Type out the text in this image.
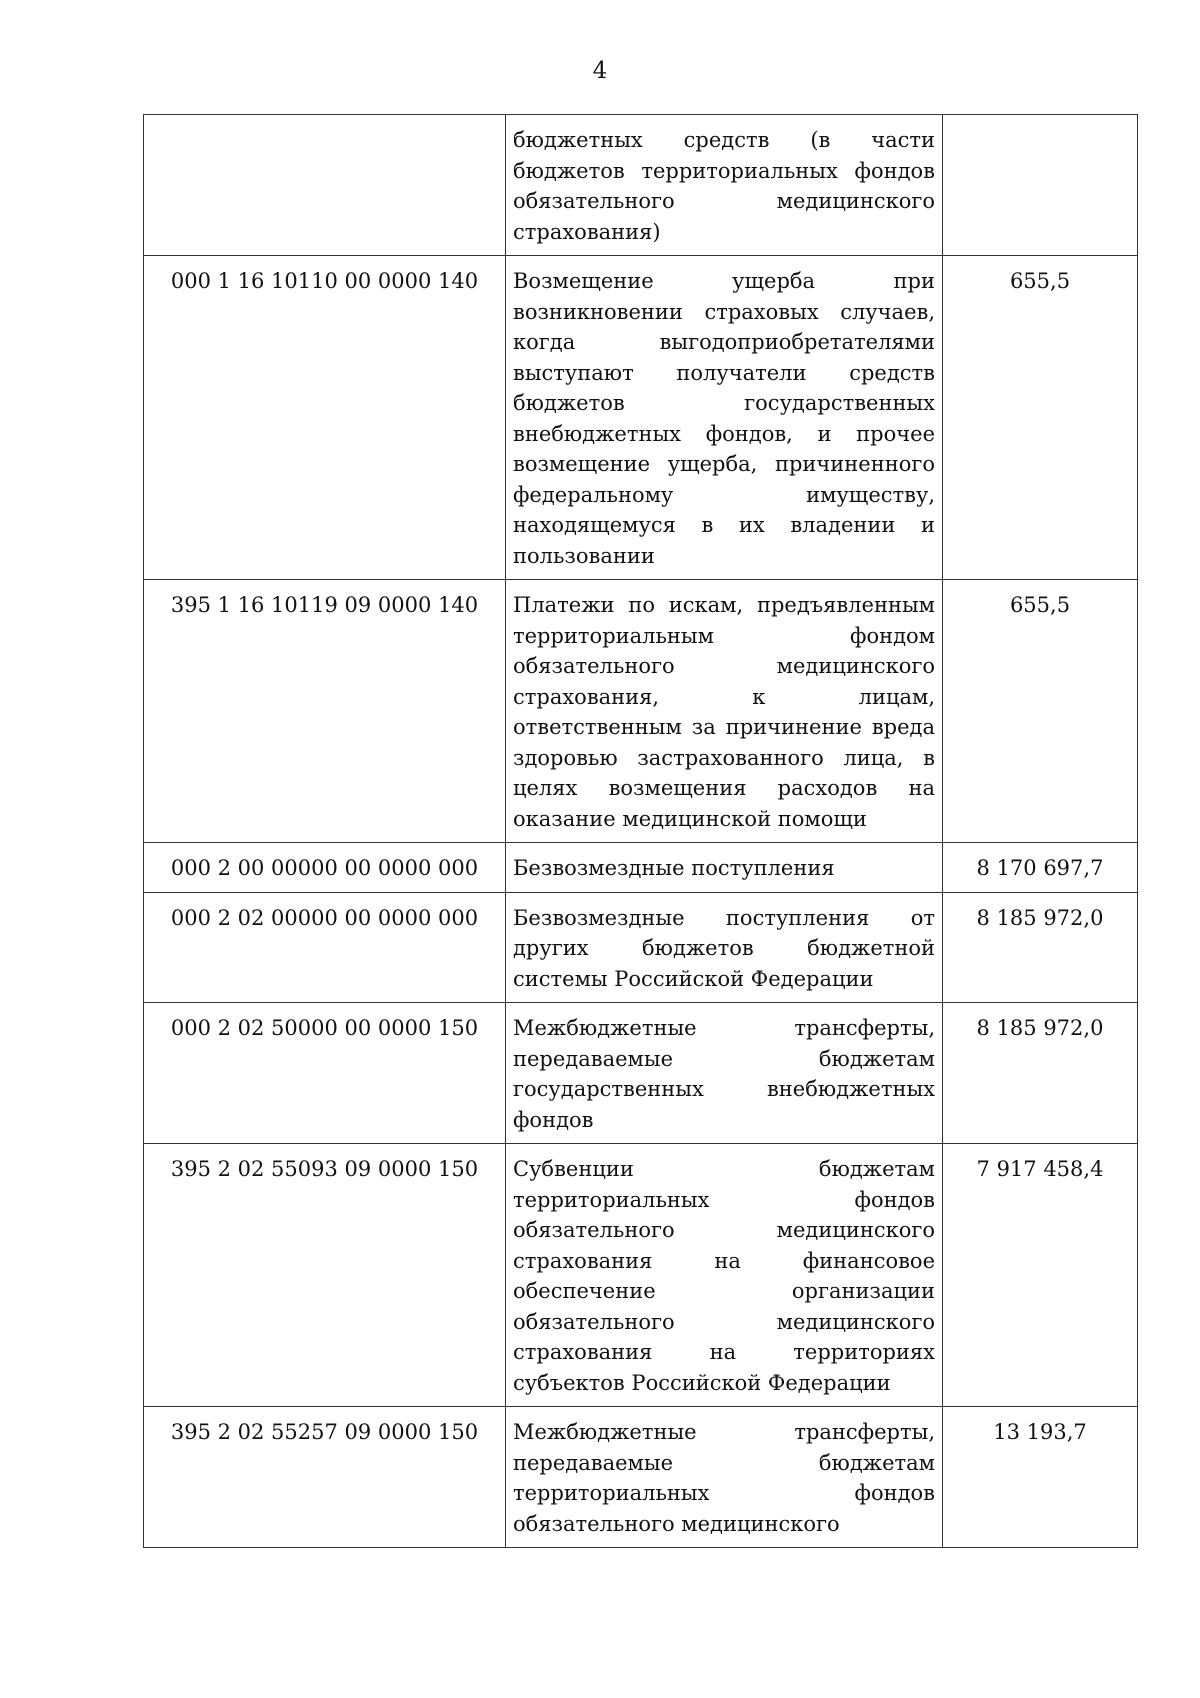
4
	бюджетных средств (в части бюджетов территориальных фондов обязательного медицинского страхования)	
000 1 16 10110 00 0000 140	Возмещение ущерба при возникновении страховых случаев, когда выгодоприобретателями выступают получатели средств бюджетов государственных внебюджетных фондов, и прочее возмещение ущерба, причиненного федеральному имуществу, находящемуся в их владении и пользовании	655,5
395 1 16 10119 09 0000 140	Платежи по искам, предъявленным территориальным фондом обязательного медицинского страхования, к лицам, ответственным за причинение вреда здоровью застрахованного лица, в целях возмещения расходов на оказание медицинской помощи	655,5
000 2 00 00000 00 0000 000	Безвозмездные поступления	8 170 697,7
000 2 02 00000 00 0000 000	Безвозмездные поступления от других бюджетов бюджетной системы Российской Федерации	8 185 972,0
000 2 02 50000 00 0000 150	Межбюджетные трансферты, передаваемые бюджетам государственных внебюджетных фондов	8 185 972,0
395 2 02 55093 09 0000 150	Субвенции бюджетам территориальных фондов обязательного медицинского страхования на финансовое обеспечение организации обязательного медицинского страхования на территориях субъектов Российской Федерации	7 917 458,4
395 2 02 55257 09 0000 150	Межбюджетные трансферты, передаваемые бюджетам территориальных фондов обязательного медицинского	13 193,7
